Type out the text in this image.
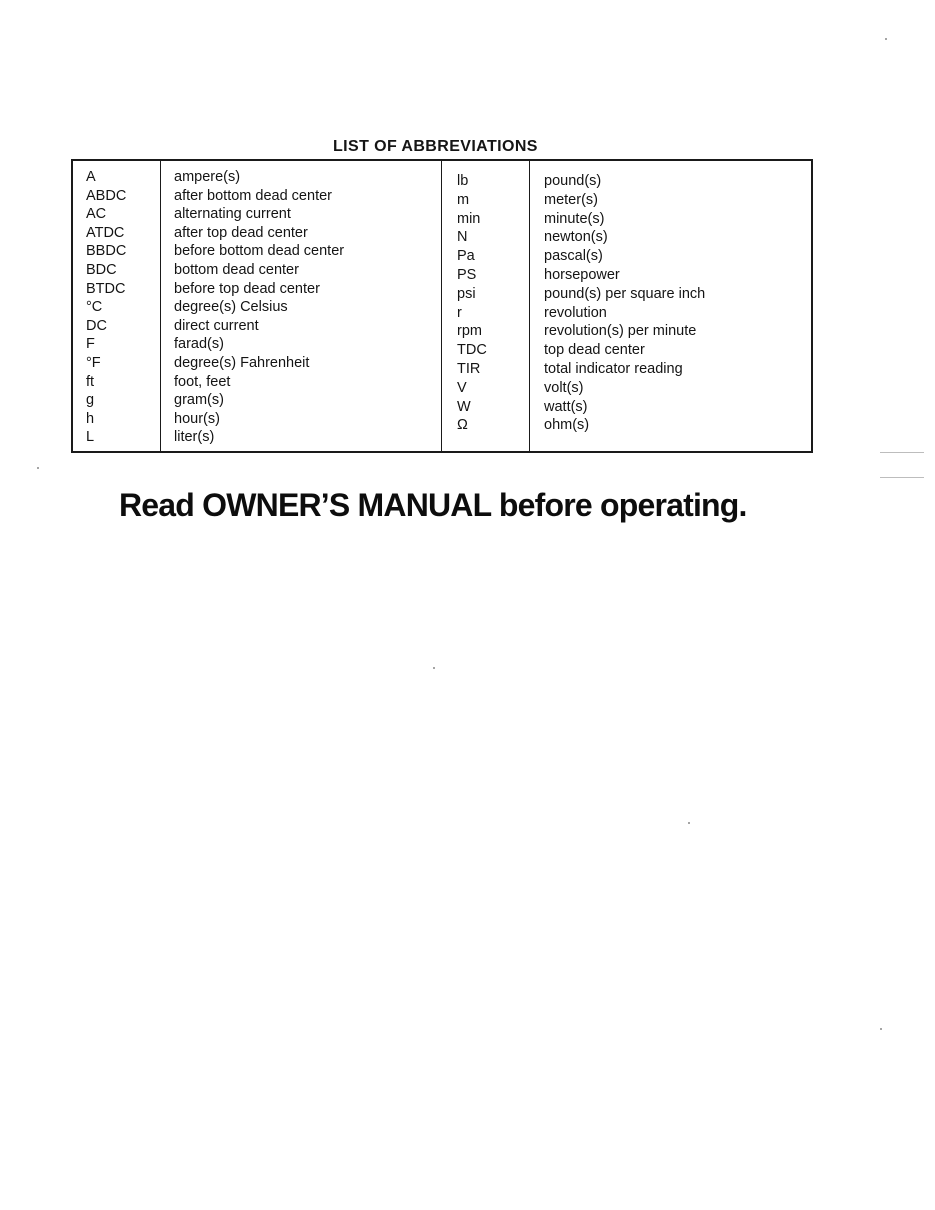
LIST OF ABBREVIATIONS
A	ampere(s)
ABDC	after bottom dead center
AC	alternating current
ATDC	after top dead center
BBDC	before bottom dead center
BDC	bottom dead center
BTDC	before top dead center
°C	degree(s) Celsius
DC	direct current
F	farad(s)
°F	degree(s) Fahrenheit
ft	foot, feet
g	gram(s)
h	hour(s)
L	liter(s)
lb	pound(s)
m	meter(s)
min	minute(s)
N	newton(s)
Pa	pascal(s)
PS	horsepower
psi	pound(s) per square inch
r	revolution
rpm	revolution(s) per minute
TDC	top dead center
TIR	total indicator reading
V	volt(s)
W	watt(s)
Ω	ohm(s)
Read OWNER’S MANUAL before operating.
